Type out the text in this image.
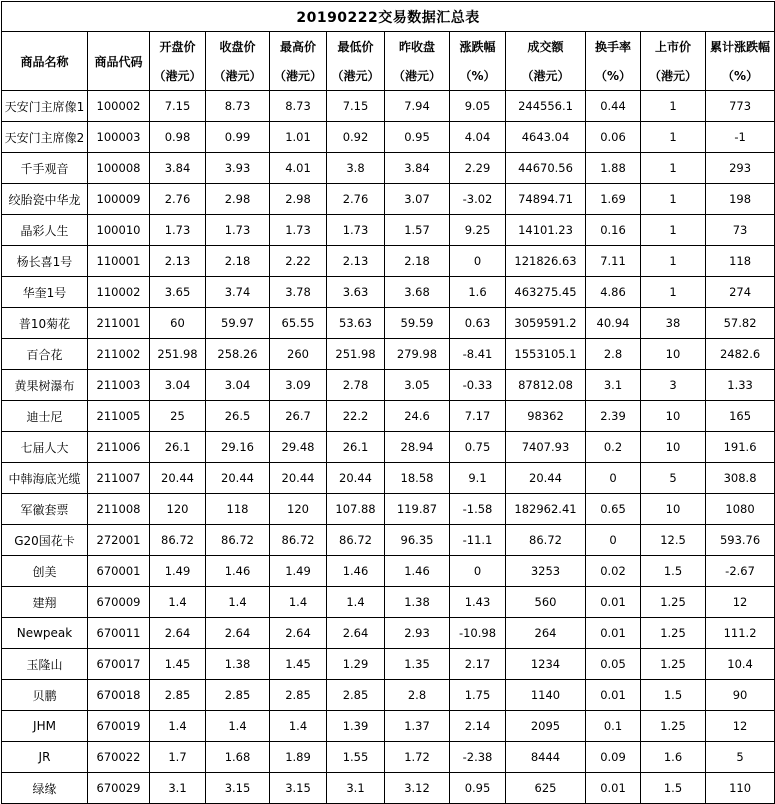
20190222交易数据汇总表											
商品名称	商品代码	开盘价	收盘价	最高价	最低价	昨收盘	涨跌幅	成交额	换手率	上市价	累计涨跌幅
		（港元）	（港元）	（港元）	（港元）	（港元）	（%）	（港元）	（%）	（港元）	（%）
天安门主席像1	100002	7.15	8.73	8.73	7.15	7.94	9.05	244556.1	0.44	1	773
天安门主席像2	100003	0.98	0.99	1.01	0.92	0.95	4.04	4643.04	0.06	1	-1
千手观音	100008	3.84	3.93	4.01	3.8	3.84	2.29	44670.56	1.88	1	293
绞胎瓷中华龙	100009	2.76	2.98	2.98	2.76	3.07	-3.02	74894.71	1.69	1	198
晶彩人生	100010	1.73	1.73	1.73	1.73	1.57	9.25	14101.23	0.16	1	73
杨长喜1号	110001	2.13	2.18	2.22	2.13	2.18	0	121826.63	7.11	1	118
华奎1号	110002	3.65	3.74	3.78	3.63	3.68	1.6	463275.45	4.86	1	274
普10菊花	211001	60	59.97	65.55	53.63	59.59	0.63	3059591.2	40.94	38	57.82
百合花	211002	251.98	258.26	260	251.98	279.98	-8.41	1553105.1	2.8	10	2482.6
黄果树瀑布	211003	3.04	3.04	3.09	2.78	3.05	-0.33	87812.08	3.1	3	1.33
迪士尼	211005	25	26.5	26.7	22.2	24.6	7.17	98362	2.39	10	165
七届人大	211006	26.1	29.16	29.48	26.1	28.94	0.75	7407.93	0.2	10	191.6
中韩海底光缆	211007	20.44	20.44	20.44	20.44	18.58	9.1	20.44	0	5	308.8
军徽套票	211008	120	118	120	107.88	119.87	-1.58	182962.41	0.65	10	1080
G20国花卡	272001	86.72	86.72	86.72	86.72	96.35	-11.1	86.72	0	12.5	593.76
创美	670001	1.49	1.46	1.49	1.46	1.46	0	3253	0.02	1.5	-2.67
建翔	670009	1.4	1.4	1.4	1.4	1.38	1.43	560	0.01	1.25	12
Newpeak	670011	2.64	2.64	2.64	2.64	2.93	-10.98	264	0.01	1.25	111.2
玉隆山	670017	1.45	1.38	1.45	1.29	1.35	2.17	1234	0.05	1.25	10.4
贝鹏	670018	2.85	2.85	2.85	2.85	2.8	1.75	1140	0.01	1.5	90
JHM	670019	1.4	1.4	1.4	1.39	1.37	2.14	2095	0.1	1.25	12
JR	670022	1.7	1.68	1.89	1.55	1.72	-2.38	8444	0.09	1.6	5
绿缘	670029	3.1	3.15	3.15	3.1	3.12	0.95	625	0.01	1.5	110
